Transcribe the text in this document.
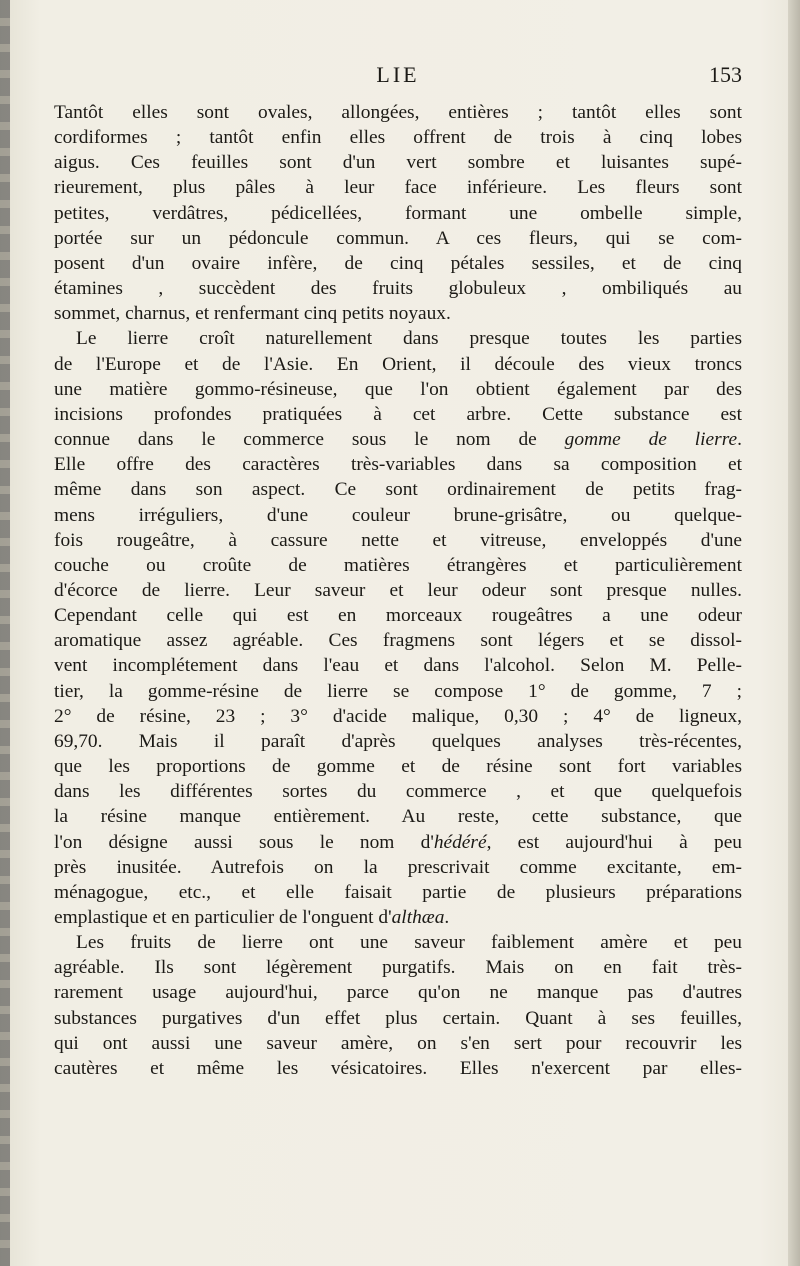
LIE	153

Tantôt elles sont ovales, allongées, entières ; tantôt elles sont
cordiformes ; tantôt enfin elles offrent de trois à cinq lobes
aigus. Ces feuilles sont d'un vert sombre et luisantes supé-
rieurement, plus pâles à leur face inférieure. Les fleurs sont
petites, verdâtres, pédicellées, formant une ombelle simple,
portée sur un pédoncule commun. A ces fleurs, qui se com-
posent d'un ovaire infère, de cinq pétales sessiles, et de cinq
étamines , succèdent des fruits globuleux , ombiliqués au
sommet, charnus, et renfermant cinq petits noyaux.

Le lierre croît naturellement dans presque toutes les parties
de l'Europe et de l'Asie. En Orient, il découle des vieux troncs
une matière gommo-résineuse, que l'on obtient également par des
incisions profondes pratiquées à cet arbre. Cette substance est
connue dans le commerce sous le nom de gomme de lierre.
Elle offre des caractères très-variables dans sa composition et
même dans son aspect. Ce sont ordinairement de petits frag-
mens irréguliers, d'une couleur brune-grisâtre, ou quelque-
fois rougeâtre, à cassure nette et vitreuse, enveloppés d'une
couche ou croûte de matières étrangères et particulièrement
d'écorce de lierre. Leur saveur et leur odeur sont presque nulles.
Cependant celle qui est en morceaux rougeâtres a une odeur
aromatique assez agréable. Ces fragmens sont légers et se dissol-
vent incomplétement dans l'eau et dans l'alcohol. Selon M. Pelle-
tier, la gomme-résine de lierre se compose 1° de gomme, 7 ;
2° de résine, 23 ; 3° d'acide malique, 0,30 ; 4° de ligneux,
69,70. Mais il paraît d'après quelques analyses très-récentes,
que les proportions de gomme et de résine sont fort variables
dans les différentes sortes du commerce , et que quelquefois
la résine manque entièrement. Au reste, cette substance, que
l'on désigne aussi sous le nom d'hédéré, est aujourd'hui à peu
près inusitée. Autrefois on la prescrivait comme excitante, em-
ménagogue, etc., et elle faisait partie de plusieurs préparations
emplastique et en particulier de l'onguent d'althæa.

Les fruits de lierre ont une saveur faiblement amère et peu
agréable. Ils sont légèrement purgatifs. Mais on en fait très-
rarement usage aujourd'hui, parce qu'on ne manque pas d'autres
substances purgatives d'un effet plus certain. Quant à ses feuilles,
qui ont aussi une saveur amère, on s'en sert pour recouvrir les
cautères et même les vésicatoires. Elles n'exercent par elles-
